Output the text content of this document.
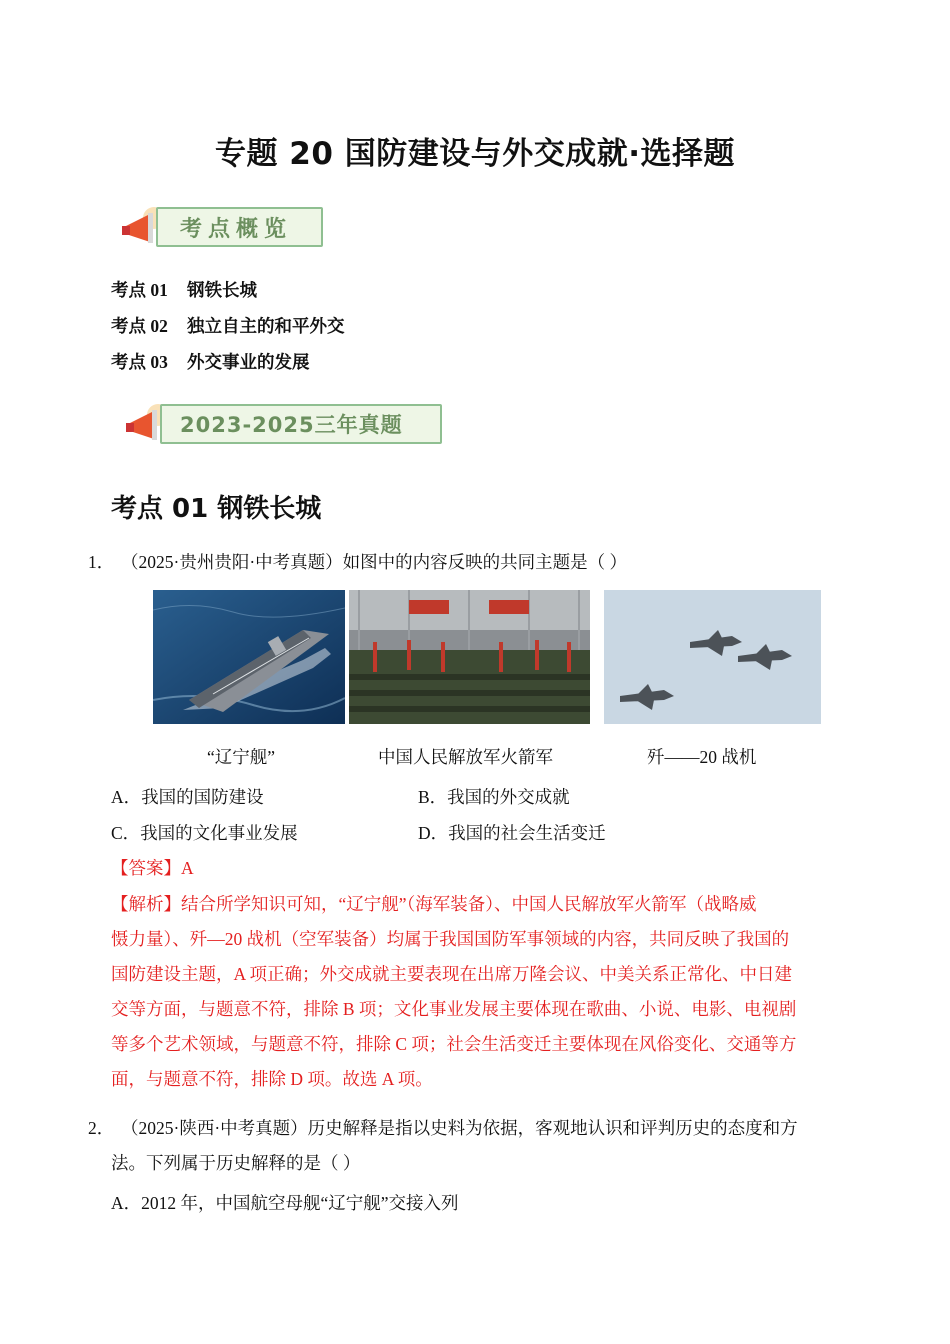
专题 20 国防建设与外交成就·选择题
考点概览
考点 01 钢铁长城
考点 02 独立自主的和平外交
考点 03 外交事业的发展
2023-2025三年真题
考点 01 钢铁长城
1． （2025·贵州贵阳·中考真题）如图中的内容反映的共同主题是（ ）
“辽宁舰”	中国人民解放军火箭军	歼——20 战机
A．我国的国防建设	B．我国的外交成就
C．我国的文化事业发展	D．我国的社会生活变迁
【答案】A
【解析】结合所学知识可知，“辽宁舰”（海军装备）、中国人民解放军火箭军（战略威
慑力量）、歼—20 战机（空军装备）均属于我国国防军事领域的内容，共同反映了我国的
国防建设主题，A 项正确；外交成就主要表现在出席万隆会议、中美关系正常化、中日建
交等方面，与题意不符，排除 B 项；文化事业发展主要体现在歌曲、小说、电影、电视剧
等多个艺术领域，与题意不符，排除 C 项；社会生活变迁主要体现在风俗变化、交通等方
面，与题意不符，排除 D 项。故选 A 项。
2． （2025·陕西·中考真题）历史解释是指以史料为依据，客观地认识和评判历史的态度和方
法。下列属于历史解释的是（ ）
A．2012 年，中国航空母舰“辽宁舰”交接入列
